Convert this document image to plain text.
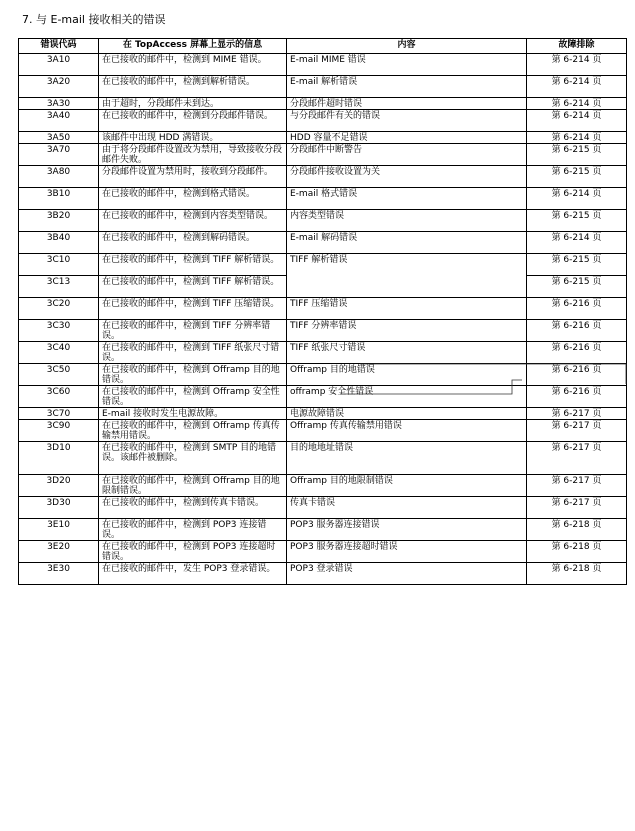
7. 与 E-mail 接收相关的错误
错误代码	在 TopAccess 屏幕上显示的信息	内容	故障排除
3A10	在已接收的邮件中，检测到 MIME 错误。	E-mail MIME 错误	第 6-214 页
3A20	在已接收的邮件中，检测到解析错误。	E-mail 解析错误	第 6-214 页
3A30	由于超时，分段邮件未到达。	分段邮件超时错误	第 6-214 页
3A40	在已接收的邮件中，检测到分段邮件错误。	与分段邮件有关的错误	第 6-214 页
3A50	该邮件中出现 HDD 满错误。	HDD 容量不足错误	第 6-214 页
3A70	由于将分段邮件设置改为禁用，导致接收分段邮件失败。	分段邮件中断警告	第 6-215 页
3A80	分段邮件设置为禁用时，接收到分段邮件。	分段邮件接收设置为关	第 6-215 页
3B10	在已接收的邮件中，检测到格式错误。	E-mail 格式错误	第 6-214 页
3B20	在已接收的邮件中，检测到内容类型错误。	内容类型错误	第 6-215 页
3B40	在已接收的邮件中，检测到解码错误。	E-mail 解码错误	第 6-214 页
3C10	在已接收的邮件中，检测到 TIFF 解析错误。	TIFF 解析错误	第 6-215 页
3C13	在已接收的邮件中，检测到 TIFF 解析错误。		第 6-215 页
3C20	在已接收的邮件中，检测到 TIFF 压缩错误。	TIFF 压缩错误	第 6-216 页
3C30	在已接收的邮件中，检测到 TIFF 分辨率错误。	TIFF 分辨率错误	第 6-216 页
3C40	在已接收的邮件中，检测到 TIFF 纸张尺寸错误。	TIFF 纸张尺寸错误	第 6-216 页
3C50	在已接收的邮件中，检测到 Offramp 目的地错误。	Offramp 目的地错误	第 6-216 页
3C60	在已接收的邮件中，检测到 Offramp 安全性错误。	offramp 安全性错误	第 6-216 页
3C70	E-mail 接收时发生电源故障。	电源故障错误	第 6-217 页
3C90	在已接收的邮件中，检测到 Offramp 传真传输禁用错误。	Offramp 传真传输禁用错误	第 6-217 页
3D10	在已接收的邮件中，检测到 SMTP 目的地错误。该邮件被删除。	目的地地址错误	第 6-217 页
3D20	在已接收的邮件中，检测到 Offramp 目的地限制错误。	Offramp 目的地限制错误	第 6-217 页
3D30	在已接收的邮件中，检测到传真卡错误。	传真卡错误	第 6-217 页
3E10	在已接收的邮件中，检测到 POP3 连接错误。	POP3 服务器连接错误	第 6-218 页
3E20	在已接收的邮件中，检测到 POP3 连接超时错误。	POP3 服务器连接超时错误	第 6-218 页
3E30	在已接收的邮件中，发生 POP3 登录错误。	POP3 登录错误	第 6-218 页
